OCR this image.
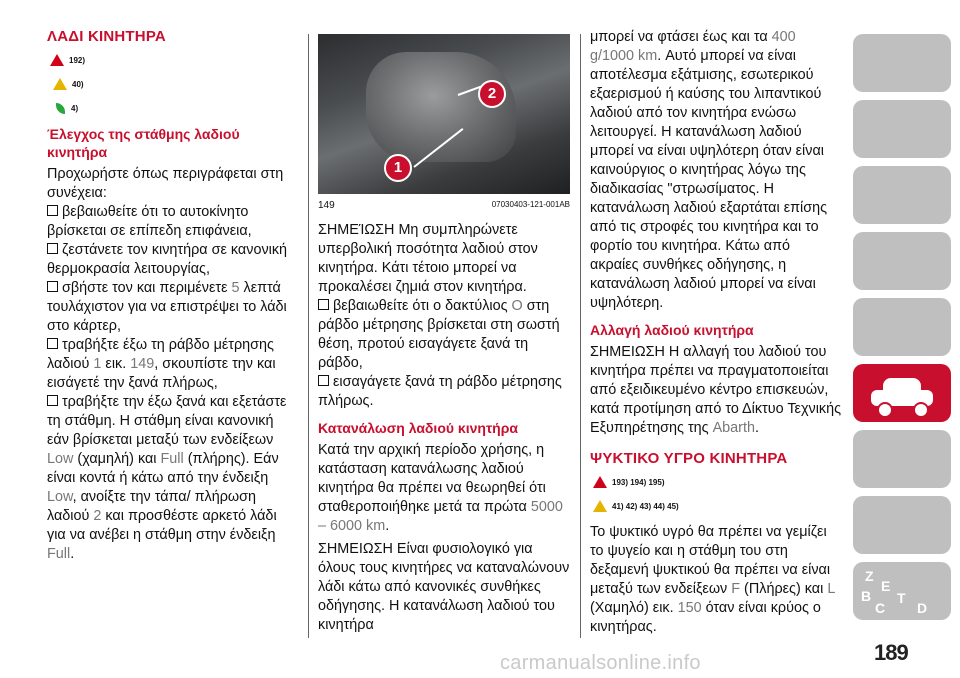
ΛΑΔΙ ΚΙΝΗΤΗΡΑ
192)
40)
4)
Έλεγχος της στάθμης λαδιού κινητήρα

Προχωρήστε όπως περιγράφεται στη συνέχεια:

βεβαιωθείτε ότι το αυτοκίνητο βρίσκεται σε επίπεδη επιφάνεια,

ζεστάνετε τον κινητήρα σε κανονική θερμοκρασία λειτουργίας,

σβήστε τον και περιμένετε 5 λεπτά τουλάχιστον για να επιστρέψει το λάδι στο κάρτερ,

τραβήξτε έξω τη ράβδο μέτρησης λαδιού 1 εικ. 149, σκουπίστε την και εισάγετέ την ξανά πλήρως,

τραβήξτε την έξω ξανά και εξετάστε τη στάθμη. Η στάθμη είναι κανονική εάν βρίσκεται μεταξύ των ενδείξεων Low (χαμηλή) και Full (πλήρης). Εάν είναι κοντά ή κάτω από την ένδειξη Low, ανοίξτε την τάπα/ πλήρωση λαδιού 2 και προσθέστε αρκετό λάδι για να ανέβει η στάθμη στην ένδειξη Full.

1
2
149	07030403-121-001AB

ΣΗΜΕΊΩΣΗ Μη συμπληρώνετε υπερβολική ποσότητα λαδιού στον κινητήρα. Κάτι τέτοιο μπορεί να προκαλέσει ζημιά στον κινητήρα.

βεβαιωθείτε ότι ο δακτύλιος O στη ράβδο μέτρησης βρίσκεται στη σωστή θέση, προτού εισαγάγετε ξανά τη ράβδο,

εισαγάγετε ξανά τη ράβδο μέτρησης πλήρως.

Κατανάλωση λαδιού κινητήρα

Κατά την αρχική περίοδο χρήσης, η κατάσταση κατανάλωσης λαδιού κινητήρα θα πρέπει να θεωρηθεί ότι σταθεροποιήθηκε μετά τα πρώτα 5000 – 6000 km.

ΣΗΜΕΙΩΣΗ Είναι φυσιολογικό για όλους τους κινητήρες να καταναλώνουν λάδι κάτω από κανονικές συνθήκες οδήγησης. Η κατανάλωση λαδιού του κινητήρα

μπορεί να φτάσει έως και τα 400 g/1000 km. Αυτό μπορεί να είναι αποτέλεσμα εξάτμισης, εσωτερικού εξαερισμού ή καύσης του λιπαντικού λαδιού από τον κινητήρα ενώσω λειτουργεί. Η κατανάλωση λαδιού μπορεί να είναι υψηλότερη όταν είναι καινούργιος ο κινητήρας λόγω της διαδικασίας "στρωσίματος. Η κατανάλωση λαδιού εξαρτάται επίσης από τις στροφές του κινητήρα και το φορτίο του κινητήρα. Κάτω από ακραίες συνθήκες οδήγησης, η κατανάλωση λαδιού μπορεί να είναι υψηλότερη.

Αλλαγή λαδιού κινητήρα

ΣΗΜΕΙΩΣΗ Η αλλαγή του λαδιού του κινητήρα πρέπει να πραγματοποιείται από εξειδικευμένο κέντρο επισκευών, κατά προτίμηση από το Δίκτυο Τεχνικής Εξυπηρέτησης της Abarth.

ΨΥΚΤΙΚΟ ΥΓΡΟ ΚΙΝΗΤΗΡΑ
193) 194) 195)
41) 42) 43) 44) 45)

Το ψυκτικό υγρό θα πρέπει να γεμίζει το ψυγείο και η στάθμη του στη δεξαμενή ψυκτικού θα πρέπει να είναι μεταξύ των ενδείξεων F (Πλήρες) και L (Χαμηλό) εικ. 150 όταν είναι κρύος ο κινητήρας.

Z
B
E
C
T
D
carmanualsonline.info	189
